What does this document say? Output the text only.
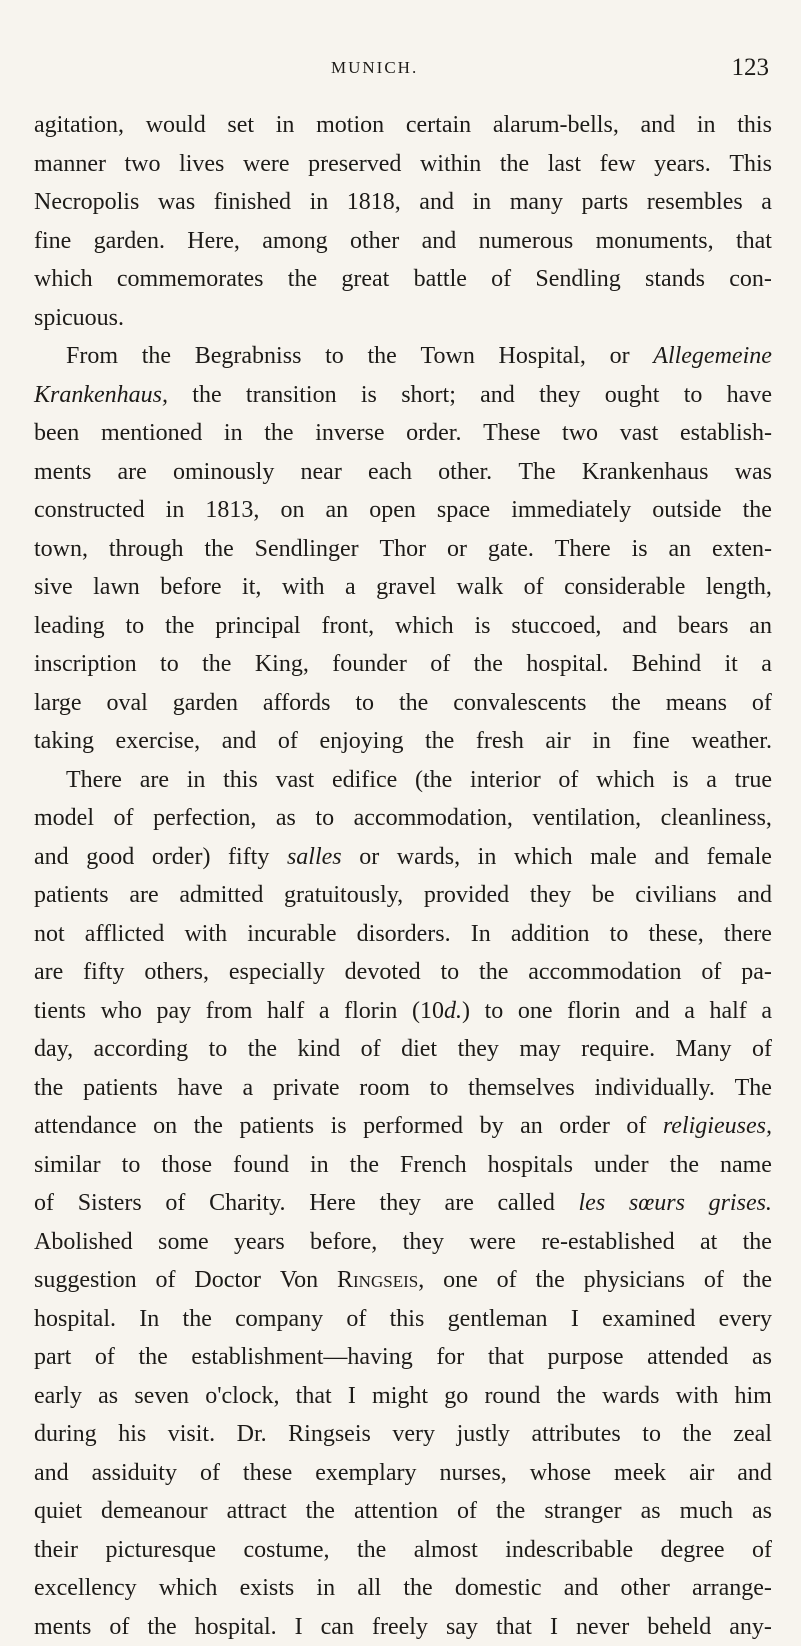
MUNICH.	123
agitation, would set in motion certain alarum-bells, and in this
manner two lives were preserved within the last few years. This
Necropolis was finished in 1818, and in many parts resembles a
fine garden. Here, among other and numerous monuments, that
which commemorates the great battle of Sendling stands con-
spicuous.
From the Begrabniss to the Town Hospital, or Allegemeine
Krankenhaus, the transition is short; and they ought to have
been mentioned in the inverse order. These two vast establish-
ments are ominously near each other. The Krankenhaus was
constructed in 1813, on an open space immediately outside the
town, through the Sendlinger Thor or gate. There is an exten-
sive lawn before it, with a gravel walk of considerable length,
leading to the principal front, which is stuccoed, and bears an
inscription to the King, founder of the hospital. Behind it a
large oval garden affords to the convalescents the means of
taking exercise, and of enjoying the fresh air in fine weather.
There are in this vast edifice (the interior of which is a true
model of perfection, as to accommodation, ventilation, cleanliness,
and good order) fifty salles or wards, in which male and female
patients are admitted gratuitously, provided they be civilians and
not afflicted with incurable disorders. In addition to these, there
are fifty others, especially devoted to the accommodation of pa-
tients who pay from half a florin (10d.) to one florin and a half a
day, according to the kind of diet they may require. Many of
the patients have a private room to themselves individually. The
attendance on the patients is performed by an order of religieuses,
similar to those found in the French hospitals under the name
of Sisters of Charity. Here they are called les sœurs grises.
Abolished some years before, they were re-established at the
suggestion of Doctor Von Ringseis, one of the physicians of the
hospital. In the company of this gentleman I examined every
part of the establishment—having for that purpose attended as
early as seven o'clock, that I might go round the wards with him
during his visit. Dr. Ringseis very justly attributes to the zeal
and assiduity of these exemplary nurses, whose meek air and
quiet demeanour attract the attention of the stranger as much as
their picturesque costume, the almost indescribable degree of
excellency which exists in all the domestic and other arrange-
ments of the hospital. I can freely say that I never beheld any-
